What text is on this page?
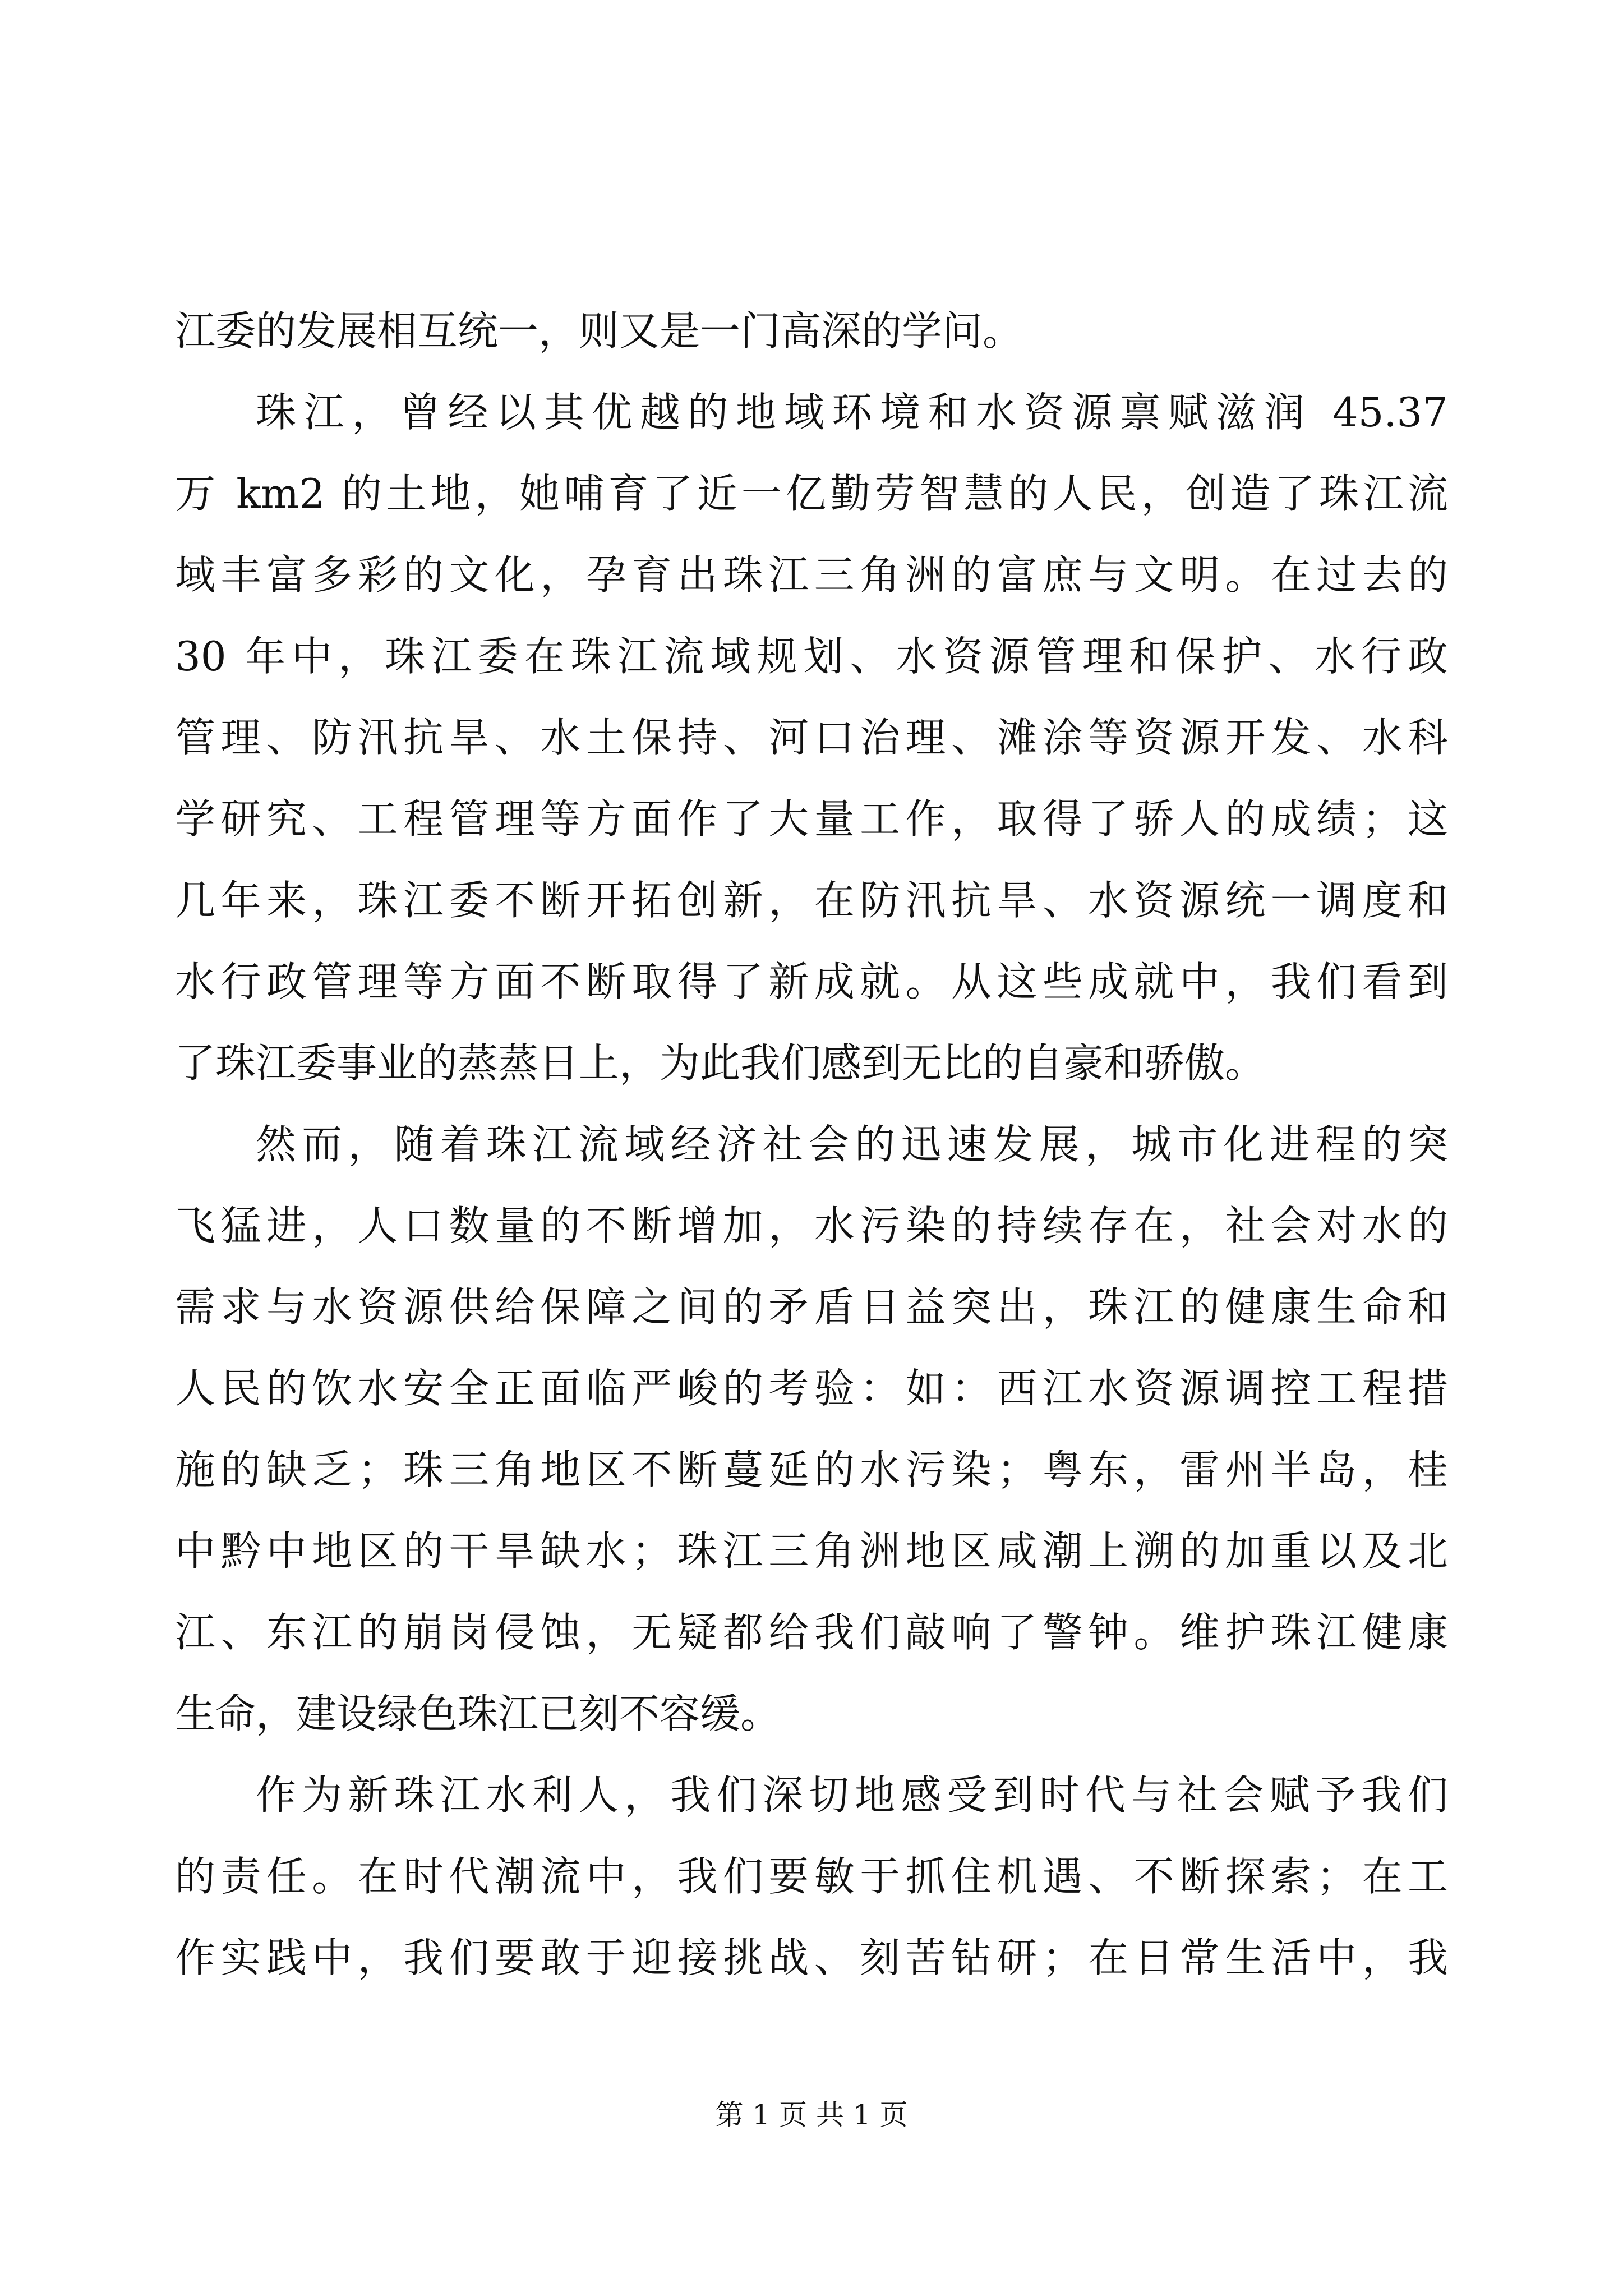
江委的发展相互统一，则又是一门高深的学问。
珠江，曾经以其优越的地域环境和水资源禀赋滋润 45.37
万 km2 的土地，她哺育了近一亿勤劳智慧的人民，创造了珠江流
域丰富多彩的文化，孕育出珠江三角洲的富庶与文明。在过去的
30 年中，珠江委在珠江流域规划、水资源管理和保护、水行政
管理、防汛抗旱、水土保持、河口治理、滩涂等资源开发、水科
学研究、工程管理等方面作了大量工作，取得了骄人的成绩；这
几年来，珠江委不断开拓创新，在防汛抗旱、水资源统一调度和
水行政管理等方面不断取得了新成就。从这些成就中，我们看到
了珠江委事业的蒸蒸日上，为此我们感到无比的自豪和骄傲。
然而，随着珠江流域经济社会的迅速发展，城市化进程的突
飞猛进，人口数量的不断增加，水污染的持续存在，社会对水的
需求与水资源供给保障之间的矛盾日益突出，珠江的健康生命和
人民的饮水安全正面临严峻的考验：如：西江水资源调控工程措
施的缺乏；珠三角地区不断蔓延的水污染；粤东，雷州半岛，桂
中黔中地区的干旱缺水；珠江三角洲地区咸潮上溯的加重以及北
江、东江的崩岗侵蚀，无疑都给我们敲响了警钟。维护珠江健康
生命，建设绿色珠江已刻不容缓。
作为新珠江水利人，我们深切地感受到时代与社会赋予我们
的责任。在时代潮流中，我们要敏于抓住机遇、不断探索；在工
作实践中，我们要敢于迎接挑战、刻苦钻研；在日常生活中，我
第 1 页 共 1 页
